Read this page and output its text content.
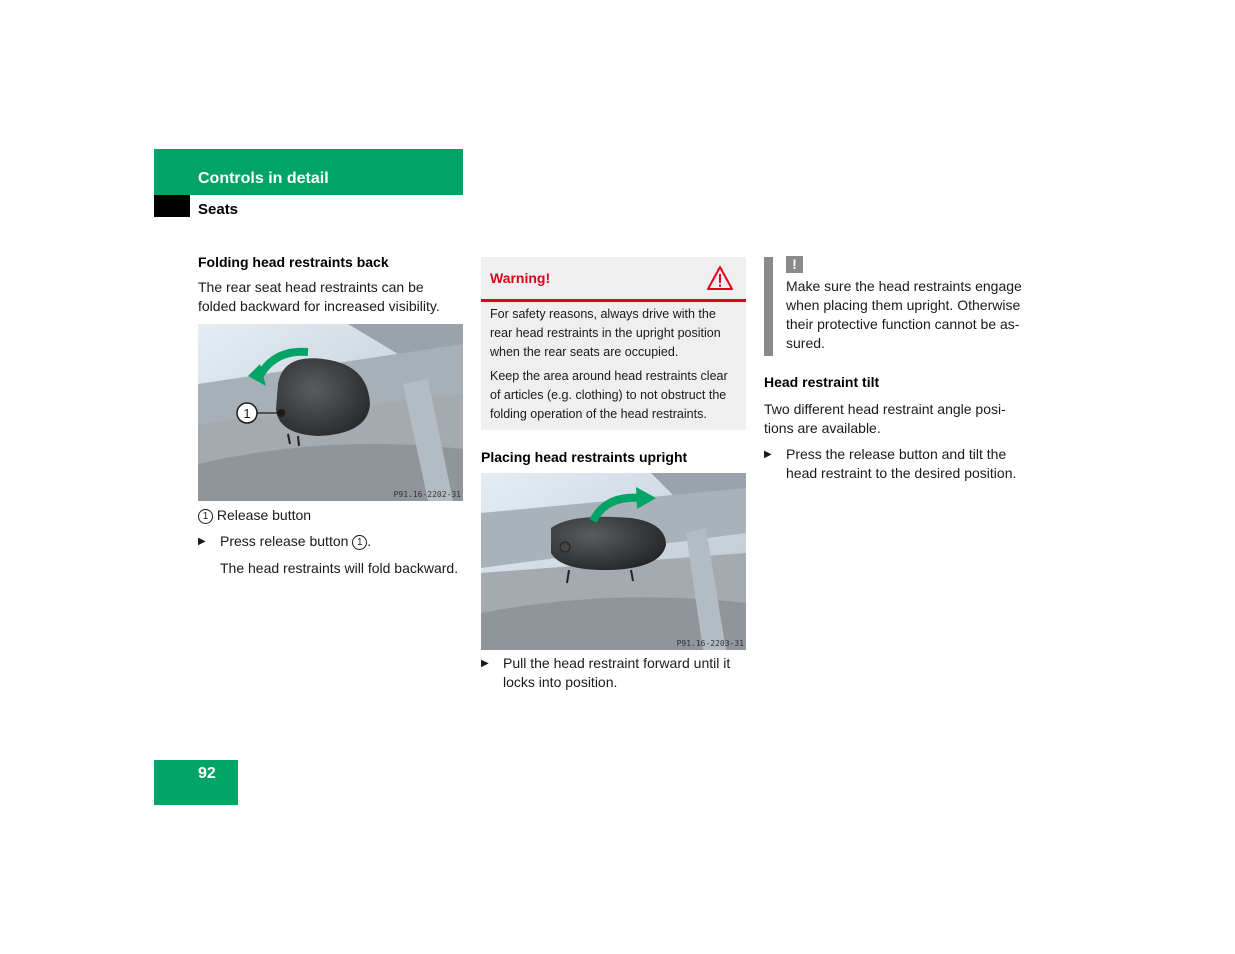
Controls in detail
Seats
Folding head restraints back
The rear seat head restraints can be folded backward for increased visibility.
1
P91.16-2202-31
1 Release button
▶	Press release button 1 .
The head restraints will fold backward.
Warning!
For safety reasons, always drive with the rear head restraints in the upright position when the rear seats are occupied.
Keep the area around head restraints clear of articles (e.g. clothing) to not obstruct the folding operation of the head restraints.
Placing head restraints upright
P91.16-2203-31
▶	Pull the head restraint forward until it locks into position.
!
Make sure the head restraints engage when placing them upright. Otherwise their protective function cannot be as-sured.
Head restraint tilt
Two different head restraint angle posi-tions are available.
▶	Press the release button and tilt the head restraint to the desired position.
92
